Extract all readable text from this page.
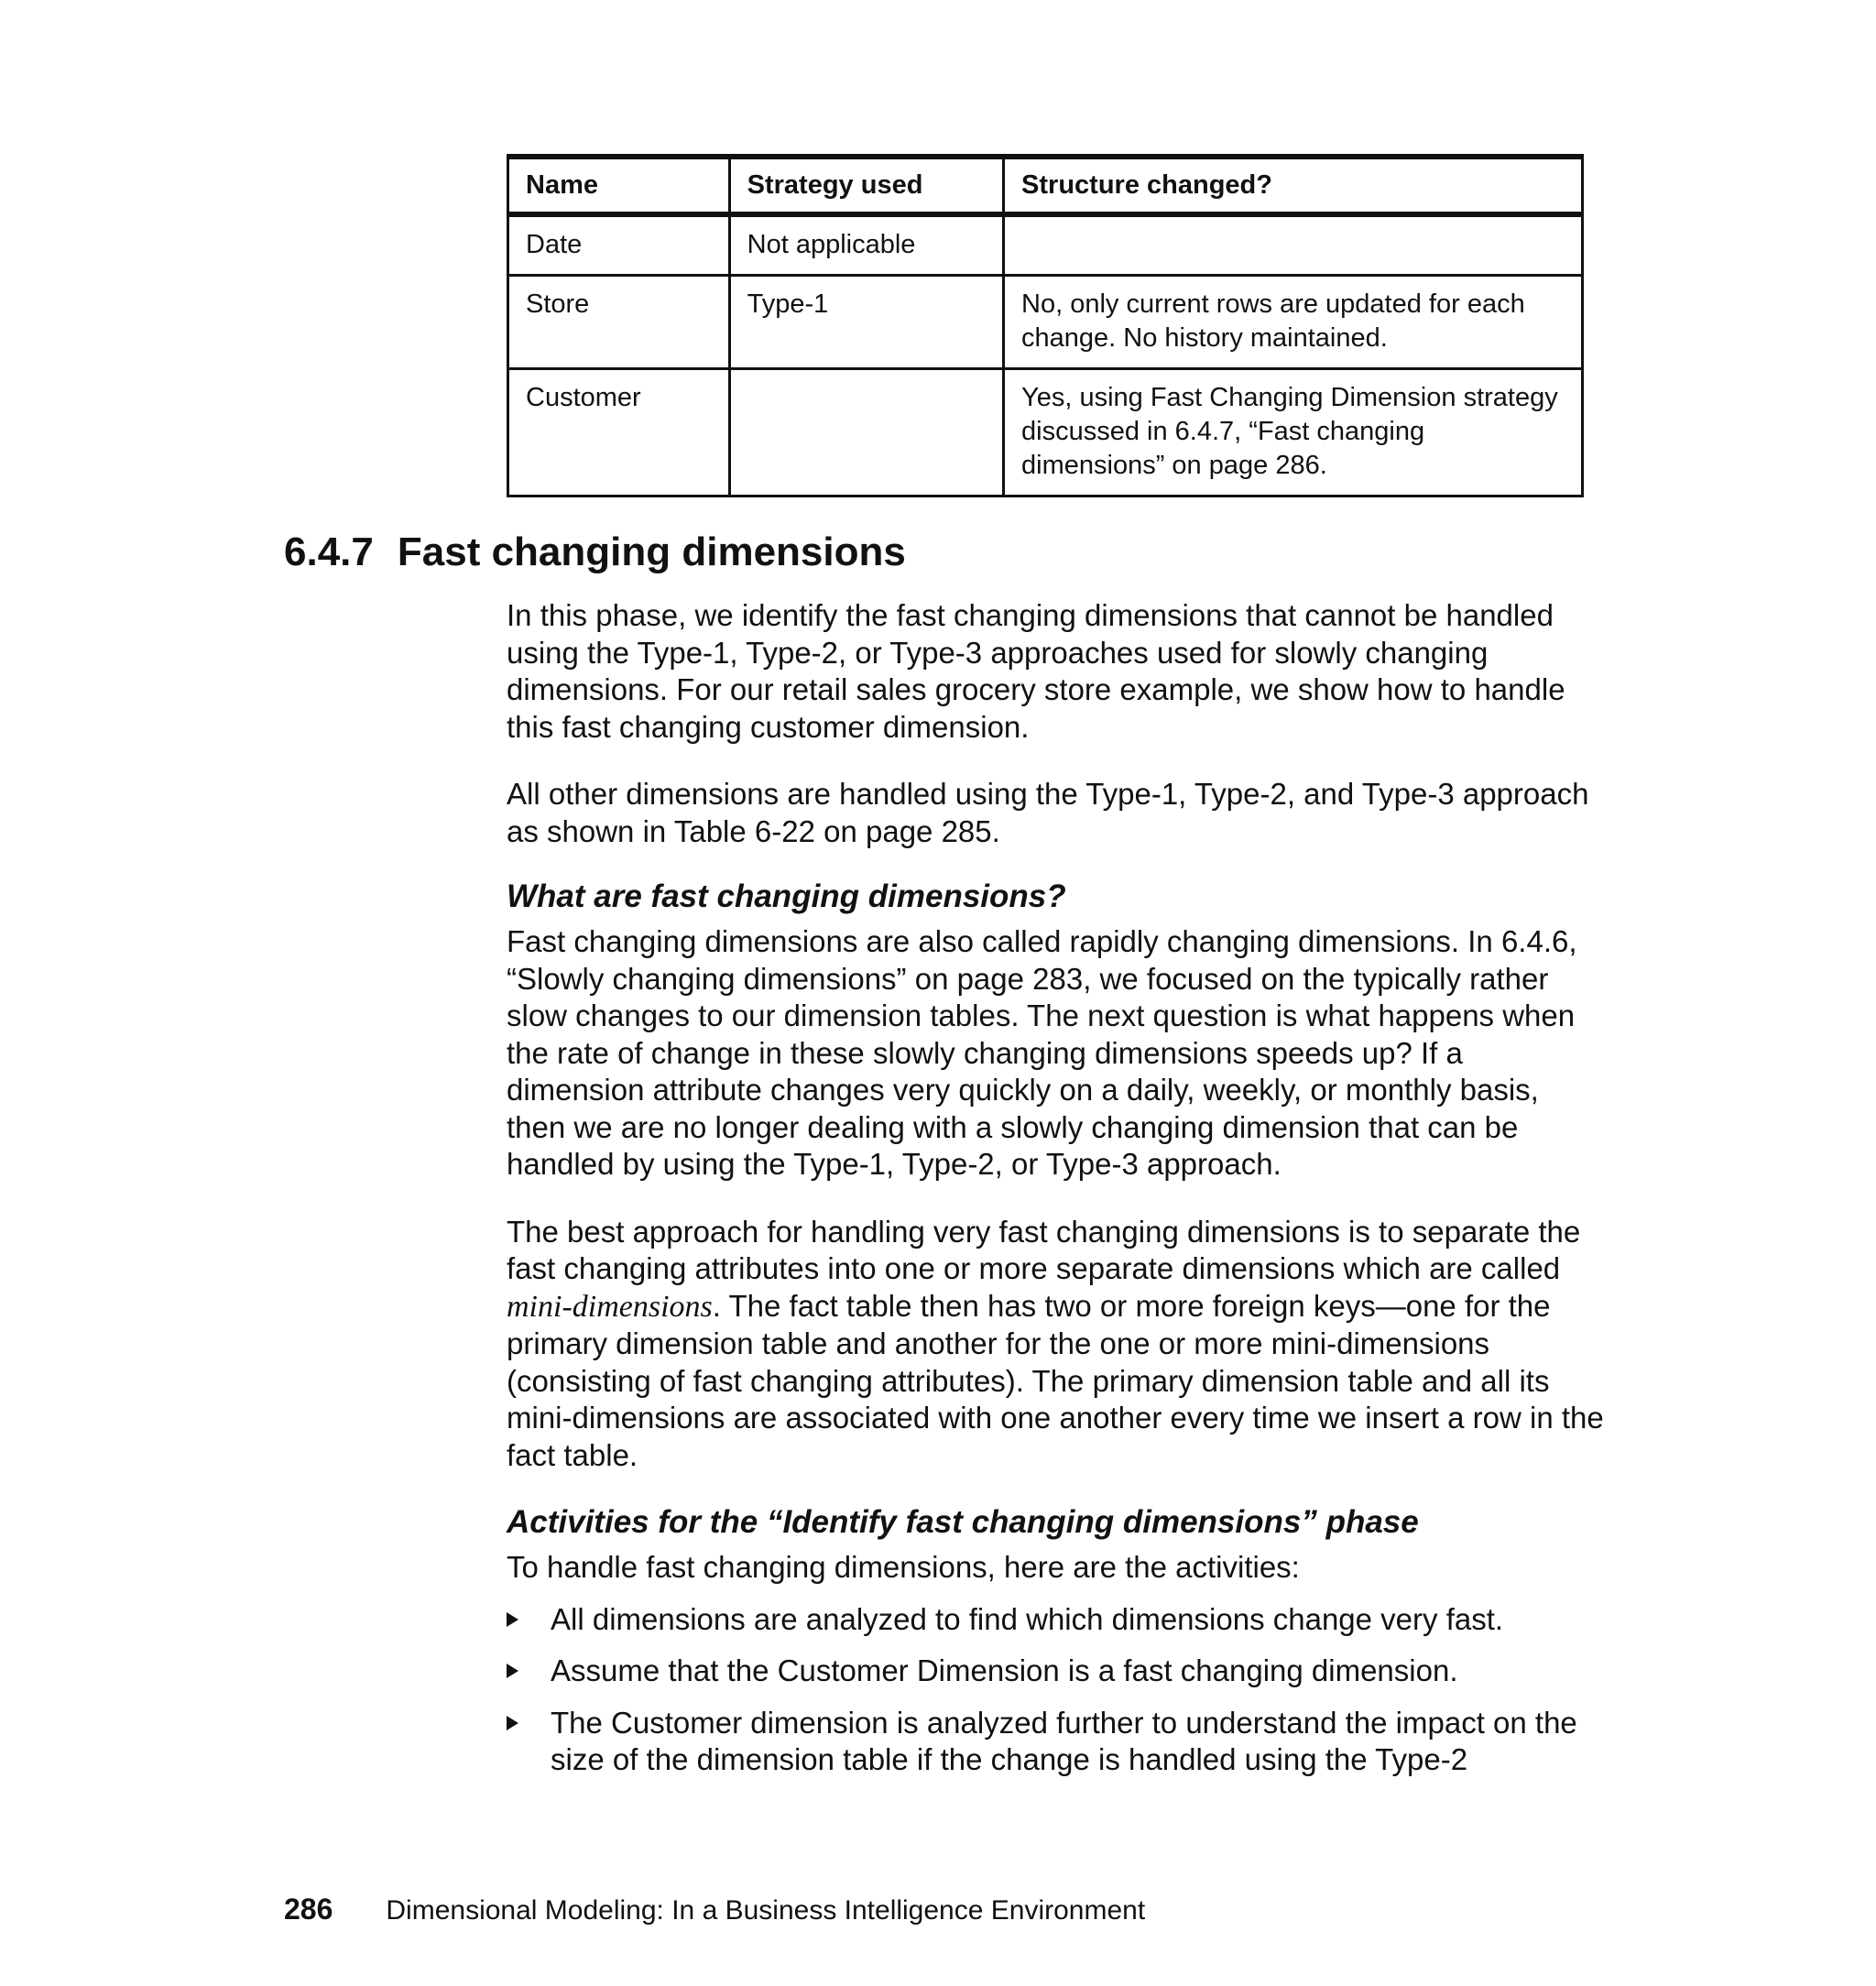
Name	Strategy used	Structure changed?
Date	Not applicable	
Store	Type-1	No, only current rows are updated for each change. No history maintained.
Customer		Yes, using Fast Changing Dimension strategy discussed in 6.4.7, “Fast changing dimensions” on page 286.
6.4.7 Fast changing dimensions

In this phase, we identify the fast changing dimensions that cannot be handled using the Type-1, Type-2, or Type-3 approaches used for slowly changing dimensions. For our retail sales grocery store example, we show how to handle this fast changing customer dimension.

All other dimensions are handled using the Type-1, Type-2, and Type-3 approach as shown in Table 6-22 on page 285.

What are fast changing dimensions?

Fast changing dimensions are also called rapidly changing dimensions. In 6.4.6, “Slowly changing dimensions” on page 283, we focused on the typically rather slow changes to our dimension tables. The next question is what happens when the rate of change in these slowly changing dimensions speeds up? If a dimension attribute changes very quickly on a daily, weekly, or monthly basis, then we are no longer dealing with a slowly changing dimension that can be handled by using the Type-1, Type-2, or Type-3 approach.

The best approach for handling very fast changing dimensions is to separate the fast changing attributes into one or more separate dimensions which are called mini-dimensions. The fact table then has two or more foreign keys—one for the primary dimension table and another for the one or more mini-dimensions (consisting of fast changing attributes). The primary dimension table and all its mini-dimensions are associated with one another every time we insert a row in the fact table.

Activities for the “Identify fast changing dimensions” phase

To handle fast changing dimensions, here are the activities:

All dimensions are analyzed to find which dimensions change very fast.
Assume that the Customer Dimension is a fast changing dimension.
The Customer dimension is analyzed further to understand the impact on the size of the dimension table if the change is handled using the Type-2
286 Dimensional Modeling: In a Business Intelligence Environment
